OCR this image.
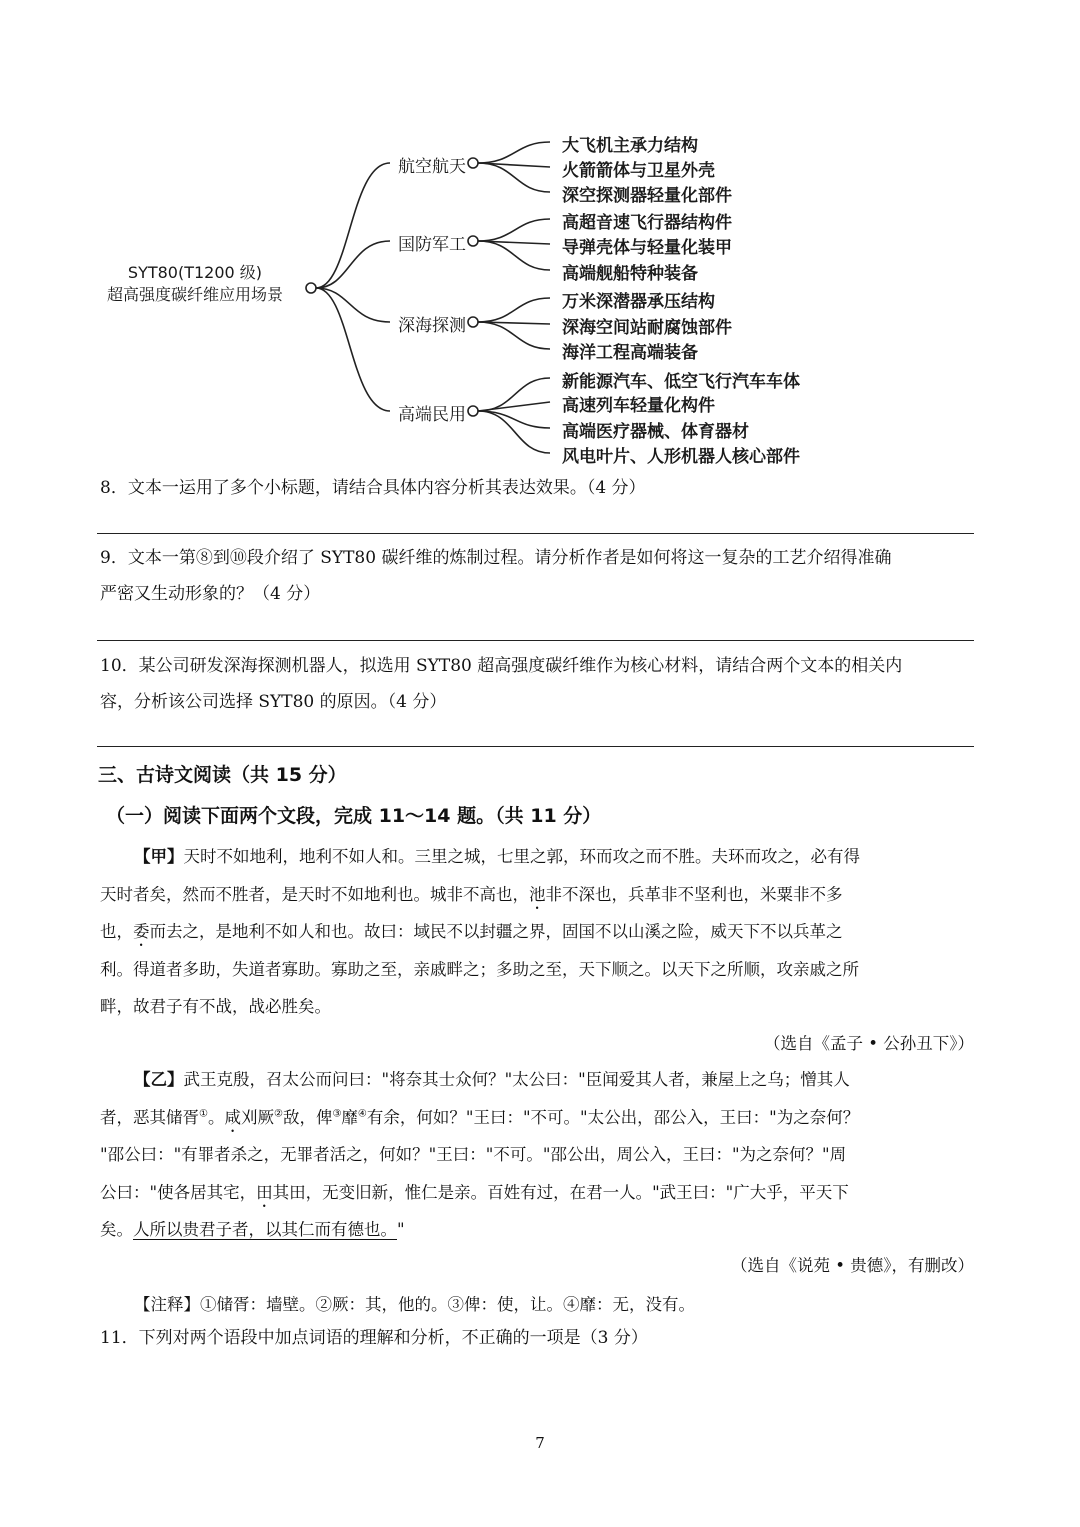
SYT80(T1200 级)
超高强度碳纤维应用场景
航空航天
国防军工
深海探测
高端民用
大飞机主承力结构
火箭箭体与卫星外壳
深空探测器轻量化部件
高超音速飞行器结构件
导弹壳体与轻量化装甲
高端舰船特种装备
万米深潜器承压结构
深海空间站耐腐蚀部件
海洋工程高端装备
新能源汽车、低空飞行汽车车体
高速列车轻量化构件
高端医疗器械、体育器材
风电叶片、人形机器人核心部件
8．文本一运用了多个小标题，请结合具体内容分析其表达效果。（4 分）
9．文本一第⑧到⑩段介绍了 SYT80 碳纤维的炼制过程。请分析作者是如何将这一复杂的工艺介绍得准确
严密又生动形象的？（4 分）
10．某公司研发深海探测机器人，拟选用 SYT80 超高强度碳纤维作为核心材料，请结合两个文本的相关内
容，分析该公司选择 SYT80 的原因。（4 分）
三、古诗文阅读（共 15 分）
（一）阅读下面两个文段，完成 11～14 题。（共 11 分）
【甲】天时不如地利，地利不如人和。三里之城，七里之郭，环而攻之而不胜。夫环而攻之，必有得
天时者矣，然而不胜者，是天时不如地利也。城非不高也，池非不深也，兵革非不坚利也，米粟非不多
也，委而去之，是地利不如人和也。故曰：域民不以封疆之界，固国不以山溪之险，威天下不以兵革之
利。得道者多助，失道者寡助。寡助之至，亲戚畔之；多助之至，天下顺之。以天下之所顺，攻亲戚之所
畔，故君子有不战，战必胜矣。
（选自《孟子 • 公孙丑下》）
【乙】武王克殷，召太公而问曰："将奈其士众何？"太公曰："臣闻爱其人者，兼屋上之乌；憎其人
者，恶其储胥①。咸刈厥②敌，俾③靡④有余，何如？"王曰："不可。"太公出，邵公入，王曰："为之奈何？
"邵公曰："有罪者杀之，无罪者活之，何如？"王曰："不可。"邵公出，周公入，王曰："为之奈何？"周
公曰："使各居其宅，田其田，无变旧新，惟仁是亲。百姓有过，在君一人。"武王曰："广大乎，平天下
矣。人所以贵君子者，以其仁而有德也。"
（选自《说苑 • 贵德》，有删改）
【注释】①储胥：墙壁。②厥：其，他的。③俾：使，让。④靡：无，没有。
11．下列对两个语段中加点词语的理解和分析，不正确的一项是（3 分）
7
